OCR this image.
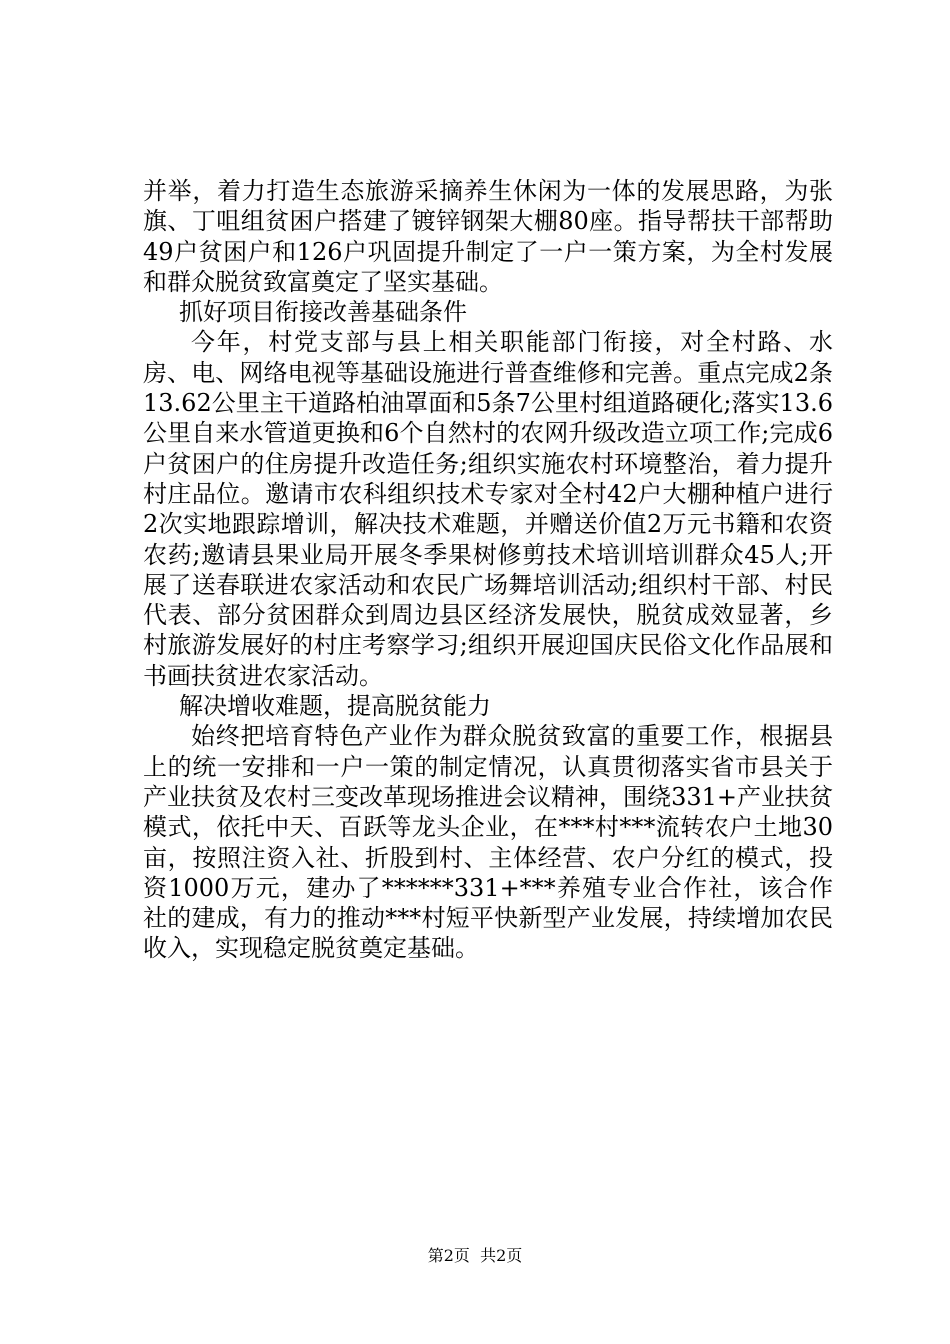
并举，着力打造生态旅游采摘养生休闲为一体的发展思路，为张旗、丁咀组贫困户搭建了镀锌钢架大棚80座。指导帮扶干部帮助49户贫困户和126户巩固提升制定了一户一策方案，为全村发展和群众脱贫致富奠定了坚实基础。

抓好项目衔接改善基础条件

今年，村党支部与县上相关职能部门衔接，对全村路、水房、电、网络电视等基础设施进行普查维修和完善。重点完成2条13.62公里主干道路柏油罩面和5条7公里村组道路硬化;落实13.6公里自来水管道更换和6个自然村的农网升级改造立项工作;完成6户贫困户的住房提升改造任务;组织实施农村环境整治，着力提升村庄品位。邀请市农科组织技术专家对全村42户大棚种植户进行2次实地跟踪增训，解决技术难题，并赠送价值2万元书籍和农资农药;邀请县果业局开展冬季果树修剪技术培训培训群众45人;开展了送春联进农家活动和农民广场舞培训活动;组织村干部、村民代表、部分贫困群众到周边县区经济发展快，脱贫成效显著，乡村旅游发展好的村庄考察学习;组织开展迎国庆民俗文化作品展和书画扶贫进农家活动。

解决增收难题，提高脱贫能力

始终把培育特色产业作为群众脱贫致富的重要工作，根据县上的统一安排和一户一策的制定情况，认真贯彻落实省市县关于产业扶贫及农村三变改革现场推进会议精神，围绕331+产业扶贫模式，依托中天、百跃等龙头企业，在***村***流转农户土地30亩，按照注资入社、折股到村、主体经营、农户分红的模式，投资1000万元，建办了******331+***养殖专业合作社，该合作社的建成，有力的推动***村短平快新型产业发展，持续增加农民收入，实现稳定脱贫奠定基础。

第2页  共2页
